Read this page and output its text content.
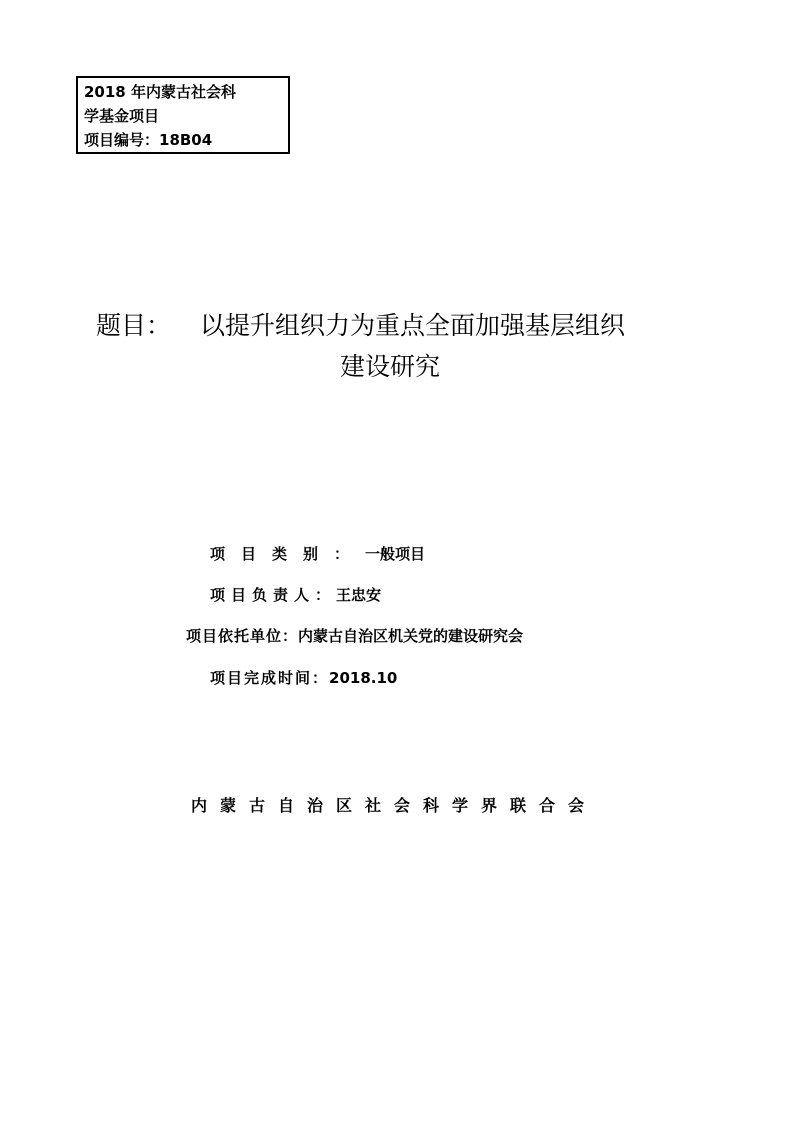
2018 年内蒙古社会科
学基金项目
项目编号：18B04
题目： 以提升组织力为重点全面加强基层组织
建设研究
项目类别：一般项目
项目负责人：王忠安
项目依托单位：内蒙古自治区机关党的建设研究会
项目完成时间：2018.10
内蒙古自治区社会科学界联合会
